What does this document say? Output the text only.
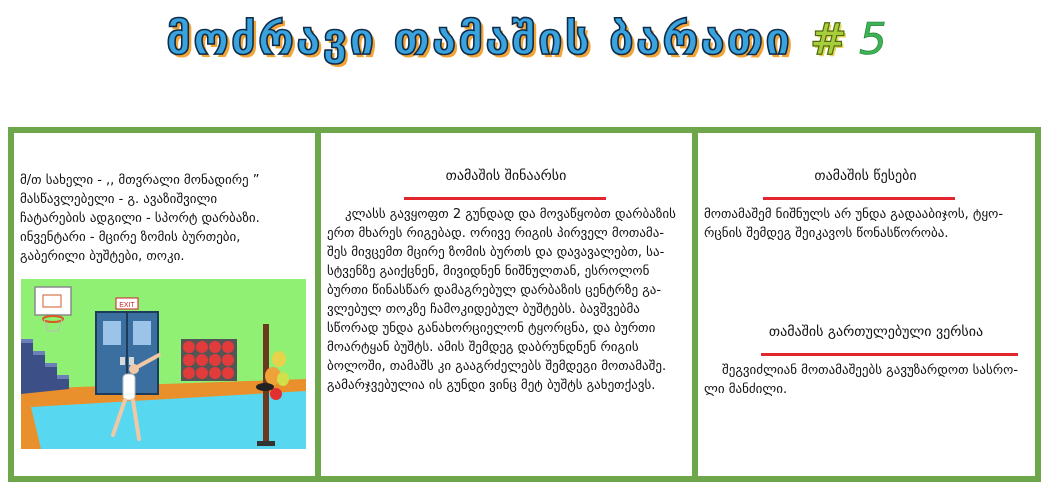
მოძრავი თამაშის ბარათი # 5
მ/თ სახელი - ,, მთვრალი მონადირე ”
მასწავლებელი - გ. ავაზიშვილი
ჩატარების ადგილი - სპორტ დარბაზი.
ინვენტარი - მცირე ზომის ბურთები,
გაბერილი ბუშტები, თოკი.
EXIT
თამაშის შინაარსი
კლასს გავყოფთ 2 გუნდად და მოვაწყობთ დარბაზის
ერთ მხარეს რიგებად. ორივე რიგის პირველ მოთამა-
შეს მივცემთ მცირე ზომის ბურთს და დავავალებთ, სა-
სტვენზე გაიქცნენ, მივიდნენ ნიშნულთან, ესროლონ
ბურთი წინასწარ დამაგრებულ დარბაზის ცენტრზე გა-
ვლებულ თოკზე ჩამოკიდებულ ბუშტებს. ბავშვებმა
სწორად უნდა განახორციელონ ტყორცნა, და ბურთი
მოარტყან ბუშტს. ამის შემდეგ დაბრუნდნენ რიგის
ბოლოში, თამაშს კი გააგრძელებს შემდეგი მოთამაშე.
გამარჯვებულია ის გუნდი ვინც მეტ ბუშტს გახეთქავს.
თამაშის წესები
მოთამაშემ ნიშნულს არ უნდა გადააბიჯოს, ტყო-
რცნის შემდეგ შეიკავოს წონასწორობა.
თამაშის გართულებული ვერსია
შეგვიძლიან მოთამაშეებს გავუზარდოთ სასრო-
ლი მანძილი.
